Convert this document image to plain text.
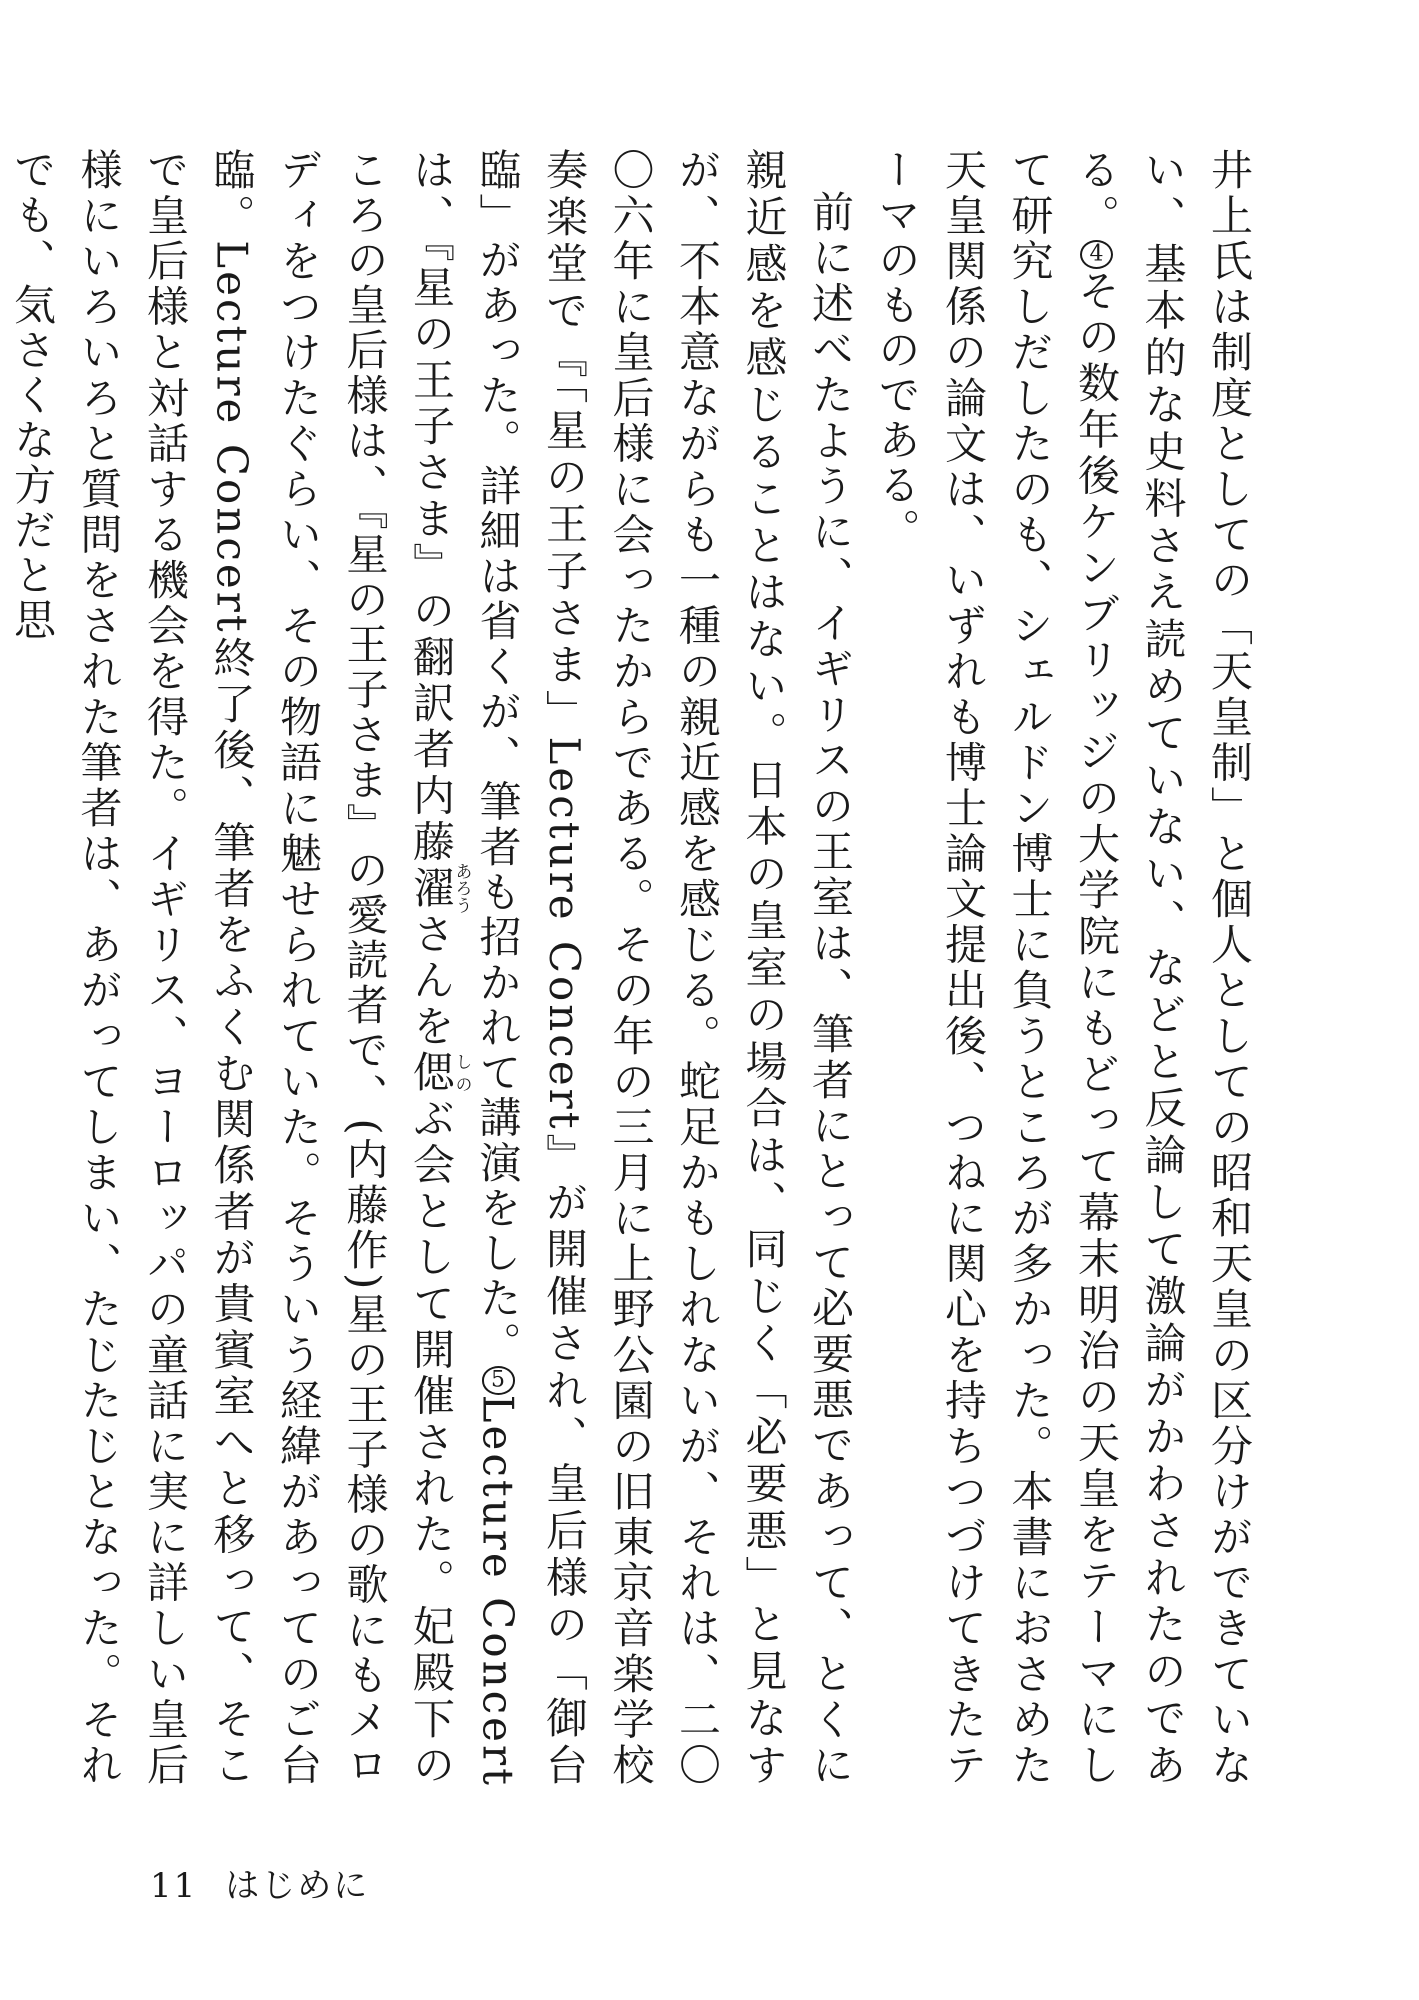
井上氏は制度としての「天皇制」と個人としての昭和天皇の区分けができていない、基本的な史料さえ読めていない、などと反論して激論がかわされたのである。4その数年後ケンブリッジの大学院にもどって幕末明治の天皇をテーマにして研究しだしたのも、シェルドン博士に負うところが多かった。本書におさめた天皇関係の論文は、いずれも博士論文提出後、つねに関心を持ちつづけてきたテーマのものである。

前に述べたように、イギリスの王室は、筆者にとって必要悪であって、とくに親近感を感じることはない。日本の皇室の場合は、同じく「必要悪」と見なすが、不本意ながらも一種の親近感を感じる。蛇足かもしれないが、それは、二〇〇六年に皇后様に会ったからである。その年の三月に上野公園の旧東京音楽学校奏楽堂で『「星の王子さま」Lecture Concert』が開催され、皇后様の「御台臨」があった。詳細は省くが、筆者も招かれて講演をした。5Lecture Concertは、『星の王子さま』の翻訳者内藤濯あろうさんを偲しのぶ会として開催された。妃殿下のころの皇后様は、『星の王子さま』の愛読者で、(内藤作)星の王子様の歌にもメロディをつけたぐらい、その物語に魅せられていた。そういう経緯があってのご台臨。Lecture Concert終了後、筆者をふくむ関係者が貴賓室へと移って、そこで皇后様と対話する機会を得た。イギリス、ヨーロッパの童話に実に詳しい皇后様にいろいろと質問をされた筆者は、あがってしまい、たじたじとなった。それでも、気さくな方だと思

11 はじめに
